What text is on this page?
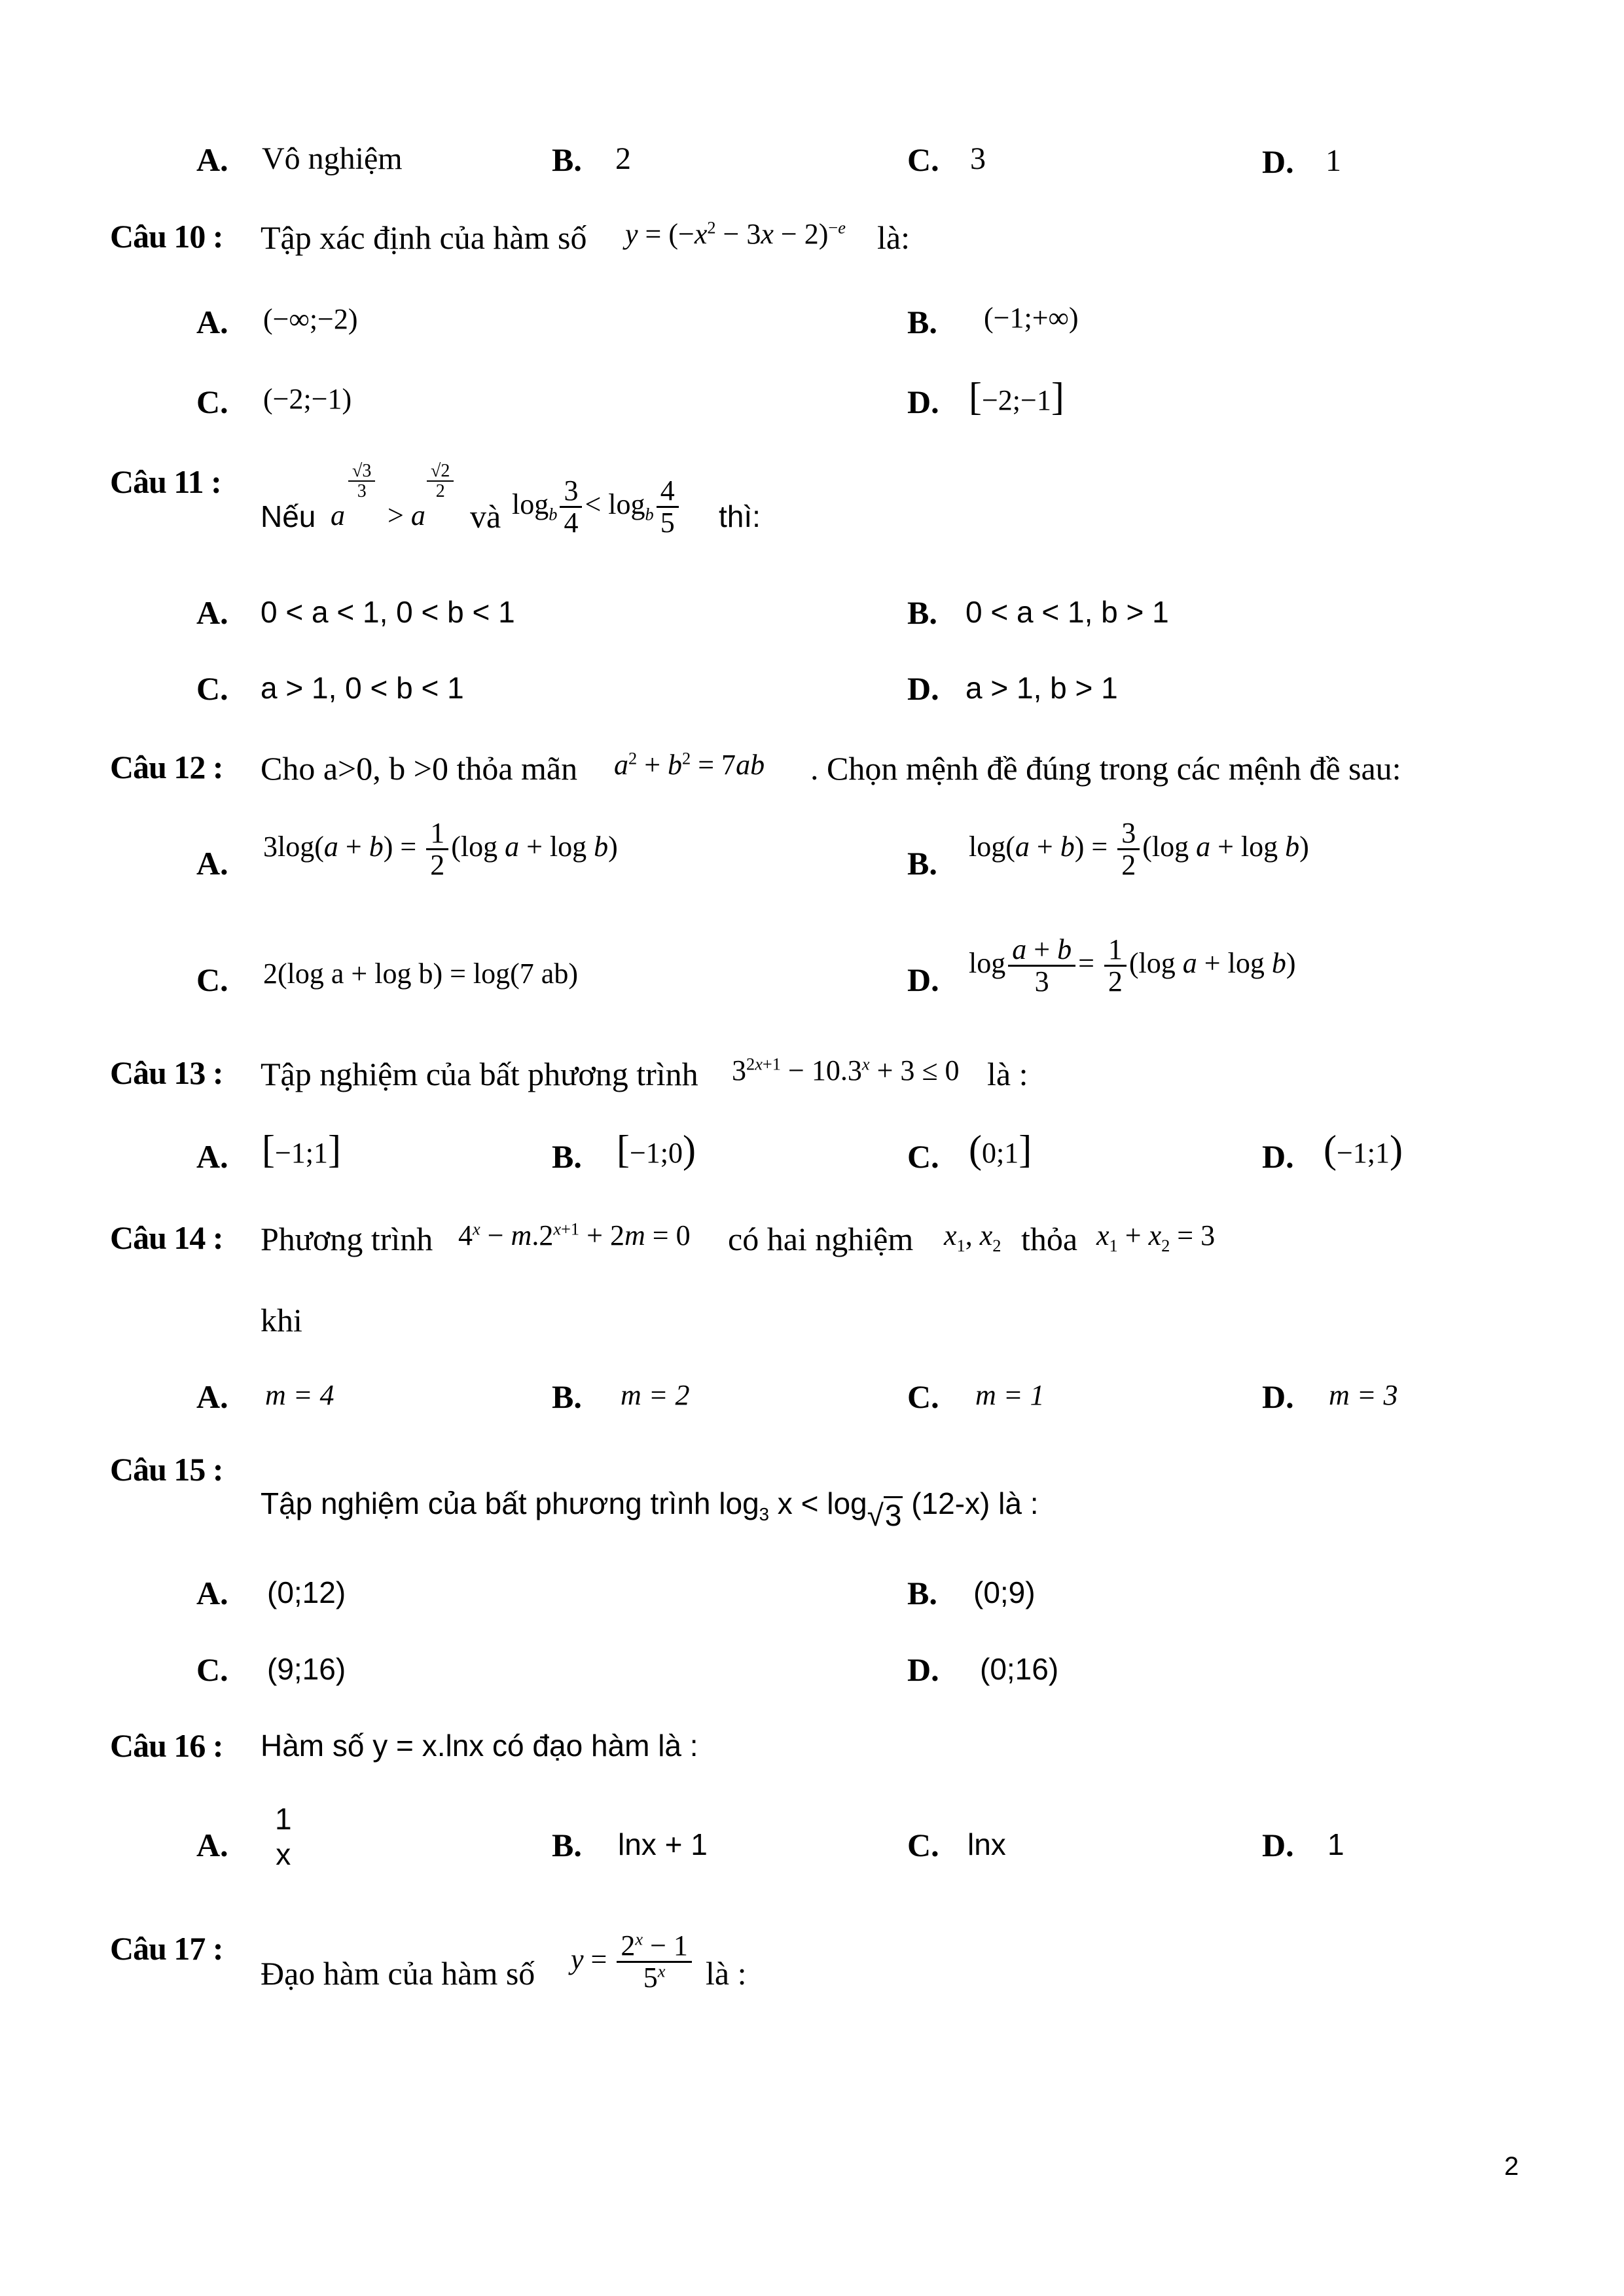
A. Vô nghiệm	B. 2	C. 3	D. 1
Câu 10 : Tập xác định của hàm số $y = (-x^2 - 3x - 2)^{-e}$ là:
A. (−∞;−2)	B. (−1;+∞)
C. (−2;−1)	D. [−2;−1]
Câu 11 :
Nếu a
$\frac{√3}{3}$
> a
$\frac{√2}{2}$
và $\log_b \frac{3}{4} < \log_b \frac{4}{5}$ thì:
A. 0 < a < 1, 0 < b < 1	B. 0 < a < 1, b > 1
C. a > 1, 0 < b < 1	D. a > 1, b > 1
Câu 12 : Cho a>0, b >0 thỏa mãn $a^2 + b^2 = 7ab$ . Chọn mệnh đề đúng trong các mệnh đề sau:
A. $3\log(a + b) = \frac{1}{2} (\log$ a + log b)	B. $\log(a + b) = \frac{3}{2} (\log$ a + log b)
C. 2(log a + log b) = log(7 ab)	D. $\log \frac{a + b}{3} = \frac{1}{2} (\log$ a + log b)
Câu 13 : Tập nghiệm của bất phương trình $3^{2x+1} - 10.3^x + 3 \le 0$ là :
A. [−1;1]	B. [−1;0)	C. (0;1]	D. (−1;1)
Câu 14 : Phương trình $4^x - m.2^{x+1} + 2m = 0$ có hai nghiệm $x_1$, $x_2$ thỏa $x_1 + x_2 = 3$
khi
A. m = 4	B. m = 2	C. m = 1	D. m = 3
Câu 15 :
Tập nghiệm của bất phương trình $\log_3 x < \log√3$ (12-x) là :
A. (0;12)	B. (0;9)
C. (9;16)	D. (0;16)
Câu 16 : Hàm số y = x.lnx có đạo hàm là :
A.
1
x	B. lnx + 1	C. lnx	D. 1
Câu 17 :
Đạo hàm của hàm số $y = \frac{2^x - 1}{5^x}$ là :
2
